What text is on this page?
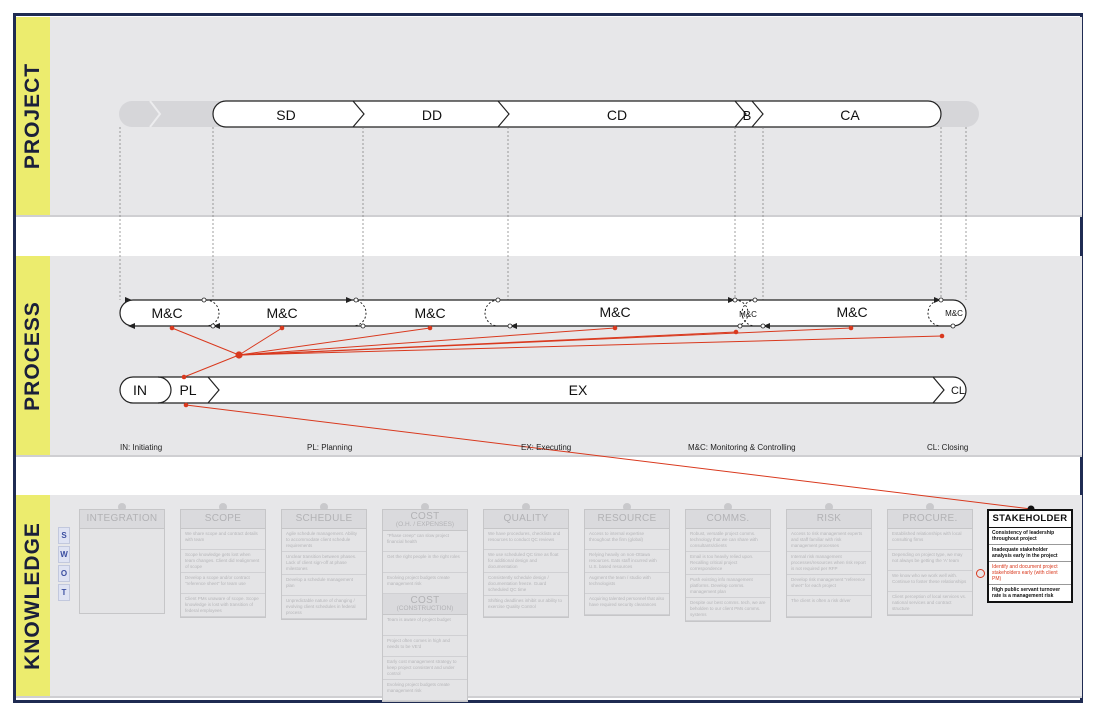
PROJECT
PROCESS
KNOWLEDGE
SD	DD	CD	B	CA
M&C	M&C	M&C	M&C	M&C	M&C	M&C
IN PL	EX	CL
IN: Initiating	PL: Planning	EX: Executing	M&C: Monitoring & Controlling	CL: Closing
S
W
O
T
INTEGRATION	SCOPE
We share scope and contract details with team
Scope knowledge gets lost when team changes. Client did realignment of scope
Develop a scope and/or contract "reference sheet" for team use
Client PMs unaware of scope. Scope knowledge is lost with transition of federal employees
SCHEDULE
Agile schedule management. Ability to accommodate client schedule requirements
Unclear transition between phases. Lack of client sign-off at phase milestones
Develop a schedule management plan
Unpredictable nature of changing / evolving client schedules in federal process
COST
(O.H. / EXPENSES)
"Phase creep" can slow project financial health
Get the right people in the right roles
Evolving project budgets create management risk
COST
(CONSTRUCTION)
Team is aware of project budget
Project often comes in high and needs to be VE'd
Early cost management strategy to keep project consistent and under control
Evolving project budgets create management risk
QUALITY
We have procedures, checklists and resources to conduct QC reviews
We use scheduled QC time as float for additional design and documentation
Consistently schedule design / documentation freeze. Guard scheduled QC time
Shifting deadlines inhibit our ability to exercise Quality Control
RESOURCE
Access to internal expertise throughout the firm (global)
Relying heavily on non-Ottawa resources. Eats staff incurred with U.S. based resources
Augment the team / studio with technologists
Acquiring talented personnel that also have required security clearances
COMMS.
Robust, versatile project comms. technology that we can share with consultants/clients
Email is too heavily relied upon. Recalling critical project correspondence
Push existing info management platforms. Develop comms. management plan
Despite our best comms. tech, we are beholden to our client PMs comms. systems
RISK
Access to risk management experts and staff familiar with risk management processes
Internal risk management processes/resources when risk report is not required per RFP
Develop risk management "reference sheet" for each project
The client is often a risk driver
PROCURE.
Established relationships with local consulting firms
Depending on project type, we may not always be getting the 'A' team
We know who we work well with. Continue to foster these relationships
Client perception of local services vs. national services and contract structure
STAKEHOLDER
Consistency of leadership throughout project
Inadequate stakeholder analysis early in the project
Identify and document project stakeholders early (with client PM)
High public servant turnover rate is a management risk
